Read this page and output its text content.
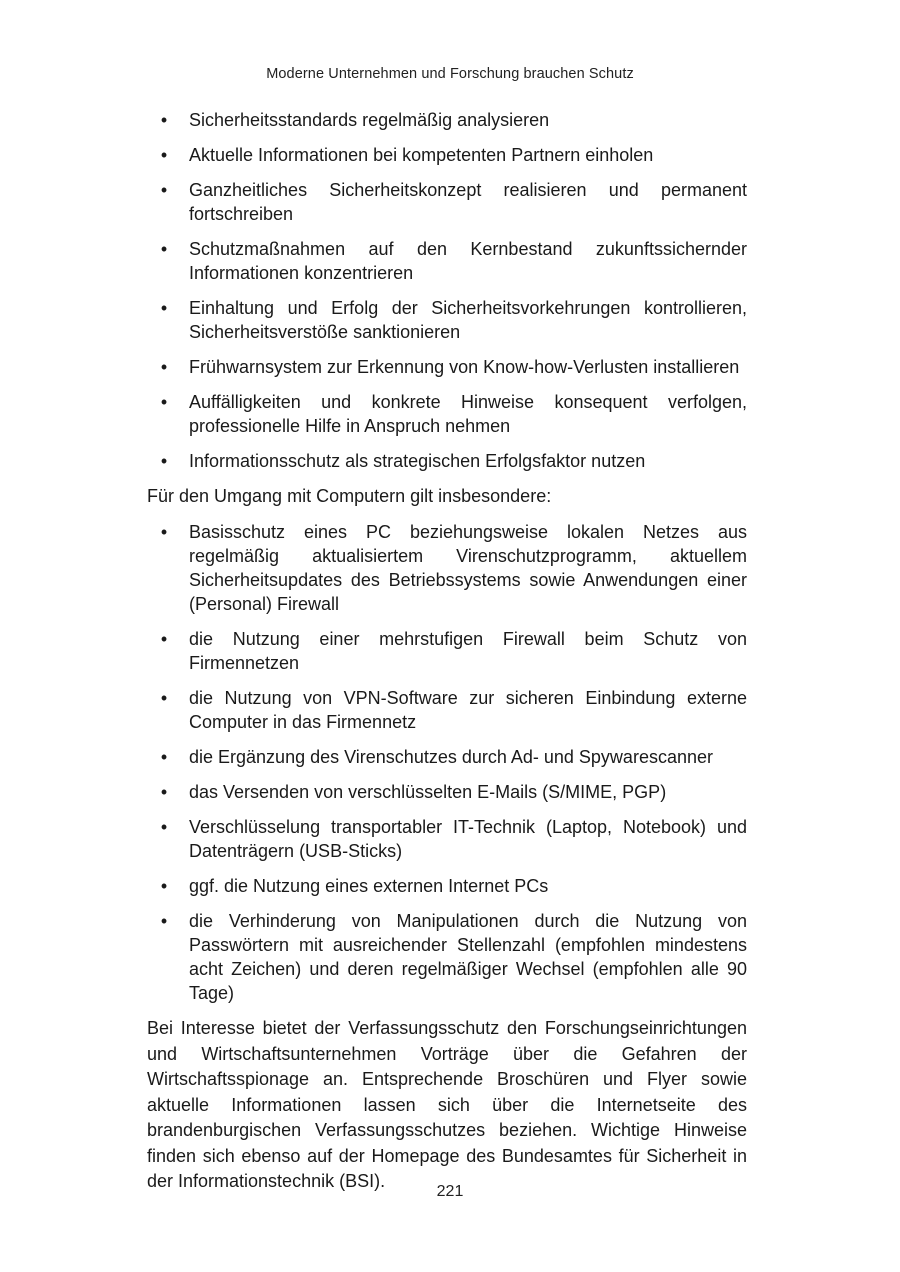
Moderne Unternehmen und Forschung brauchen Schutz
• Sicherheitsstandards regelmäßig analysieren
• Aktuelle Informationen bei kompetenten Partnern einholen
• Ganzheitliches Sicherheitskonzept realisieren und permanent fortschreiben
• Schutzmaßnahmen auf den Kernbestand zukunftssichernder Informationen konzentrieren
• Einhaltung und Erfolg der Sicherheitsvorkehrungen kontrollieren, Sicherheitsverstöße sanktionieren
• Frühwarnsystem zur Erkennung von Know-how-Verlusten installieren
• Auffälligkeiten und konkrete Hinweise konsequent verfolgen, professionelle Hilfe in Anspruch nehmen
• Informationsschutz als strategischen Erfolgsfaktor nutzen
Für den Umgang mit Computern gilt insbesondere:
• Basisschutz eines PC beziehungsweise lokalen Netzes aus regelmäßig aktualisiertem Virenschutzprogramm, aktuellem Sicherheitsupdates des Betriebssystems sowie Anwendungen einer (Personal) Firewall
• die Nutzung einer mehrstufigen Firewall beim Schutz von Firmennetzen
• die Nutzung von VPN-Software zur sicheren Einbindung externe Computer in das Firmennetz
• die Ergänzung des Virenschutzes durch Ad- und Spywarescanner
• das Versenden von verschlüsselten E-Mails (S/MIME, PGP)
• Verschlüsselung transportabler IT-Technik (Laptop, Notebook) und Datenträgern (USB-Sticks)
• ggf. die Nutzung eines externen Internet PCs
• die Verhinderung von Manipulationen durch die Nutzung von Passwörtern mit ausreichender Stellenzahl (empfohlen mindestens acht Zeichen) und deren regelmäßiger Wechsel (empfohlen alle 90 Tage)
Bei Interesse bietet der Verfassungsschutz den Forschungseinrichtungen und Wirtschaftsunternehmen Vorträge über die Gefahren der Wirtschaftsspionage an. Entsprechende Broschüren und Flyer sowie aktuelle Informationen lassen sich über die Internetseite des brandenburgischen Verfassungsschutzes beziehen. Wichtige Hinweise finden sich ebenso auf der Homepage des Bundesamtes für Sicherheit in der Informationstechnik (BSI).
221
